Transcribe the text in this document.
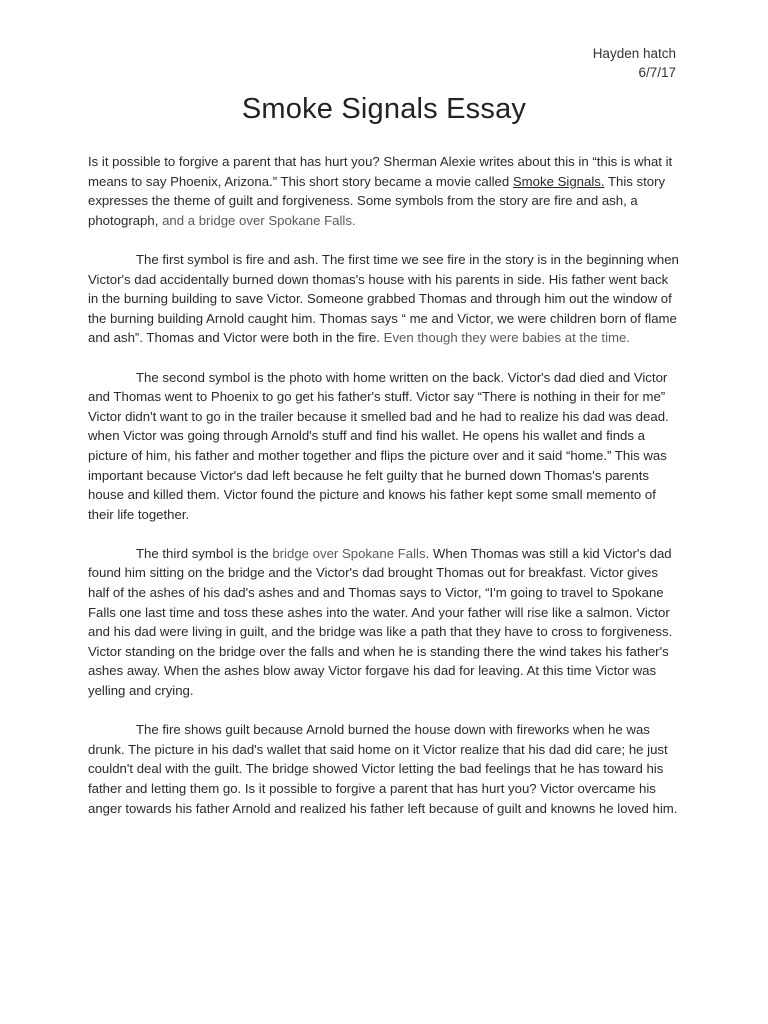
Hayden hatch
6/7/17
Smoke Signals Essay

Is it possible to forgive a parent that has hurt you? Sherman Alexie writes about this in “this is what it means to say Phoenix, Arizona.” This short story became a movie called Smoke Signals. This story expresses the theme of guilt and forgiveness. Some symbols from the story are fire and ash, a photograph, and a bridge over Spokane Falls.

The first symbol is fire and ash. The first time we see fire in the story is in the beginning when Victor's dad accidentally burned down thomas's house with his parents in side. His father went back in the burning building to save Victor. Someone grabbed Thomas and through him out the window of the burning building Arnold caught him. Thomas says “ me and Victor, we were children born of flame and ash”. Thomas and Victor were both in the fire. Even though they were babies at the time.

The second symbol is the photo with home written on the back. Victor's dad died and Victor and Thomas went to Phoenix to go get his father's stuff. Victor say “There is nothing in their for me” Victor didn't want to go in the trailer because it smelled bad and he had to realize his dad was dead. when Victor was going through Arnold's stuff and find his wallet. He opens his wallet and finds a picture of him, his father and mother together and flips the picture over and it said “home.” This was important because Victor's dad left because he felt guilty that he burned down Thomas's parents house and killed them. Victor found the picture and knows his father kept some small memento of their life together.

The third symbol is the bridge over Spokane Falls. When Thomas was still a kid Victor's dad found him sitting on the bridge and the Victor's dad brought Thomas out for breakfast. Victor gives half of the ashes of his dad's ashes and and Thomas says to Victor, “I'm going to travel to Spokane Falls one last time and toss these ashes into the water. And your father will rise like a salmon. Victor and his dad were living in guilt, and the bridge was like a path that they have to cross to forgiveness. Victor standing on the bridge over the falls and when he is standing there the wind takes his father's ashes away. When the ashes blow away Victor forgave his dad for leaving. At this time Victor was yelling and crying.

The fire shows guilt because Arnold burned the house down with fireworks when he was drunk. The picture in his dad's wallet that said home on it Victor realize that his dad did care; he just couldn't deal with the guilt. The bridge showed Victor letting the bad feelings that he has toward his father and letting them go. Is it possible to forgive a parent that has hurt you? Victor overcame his anger towards his father Arnold and realized his father left because of guilt and knowns he loved him.
